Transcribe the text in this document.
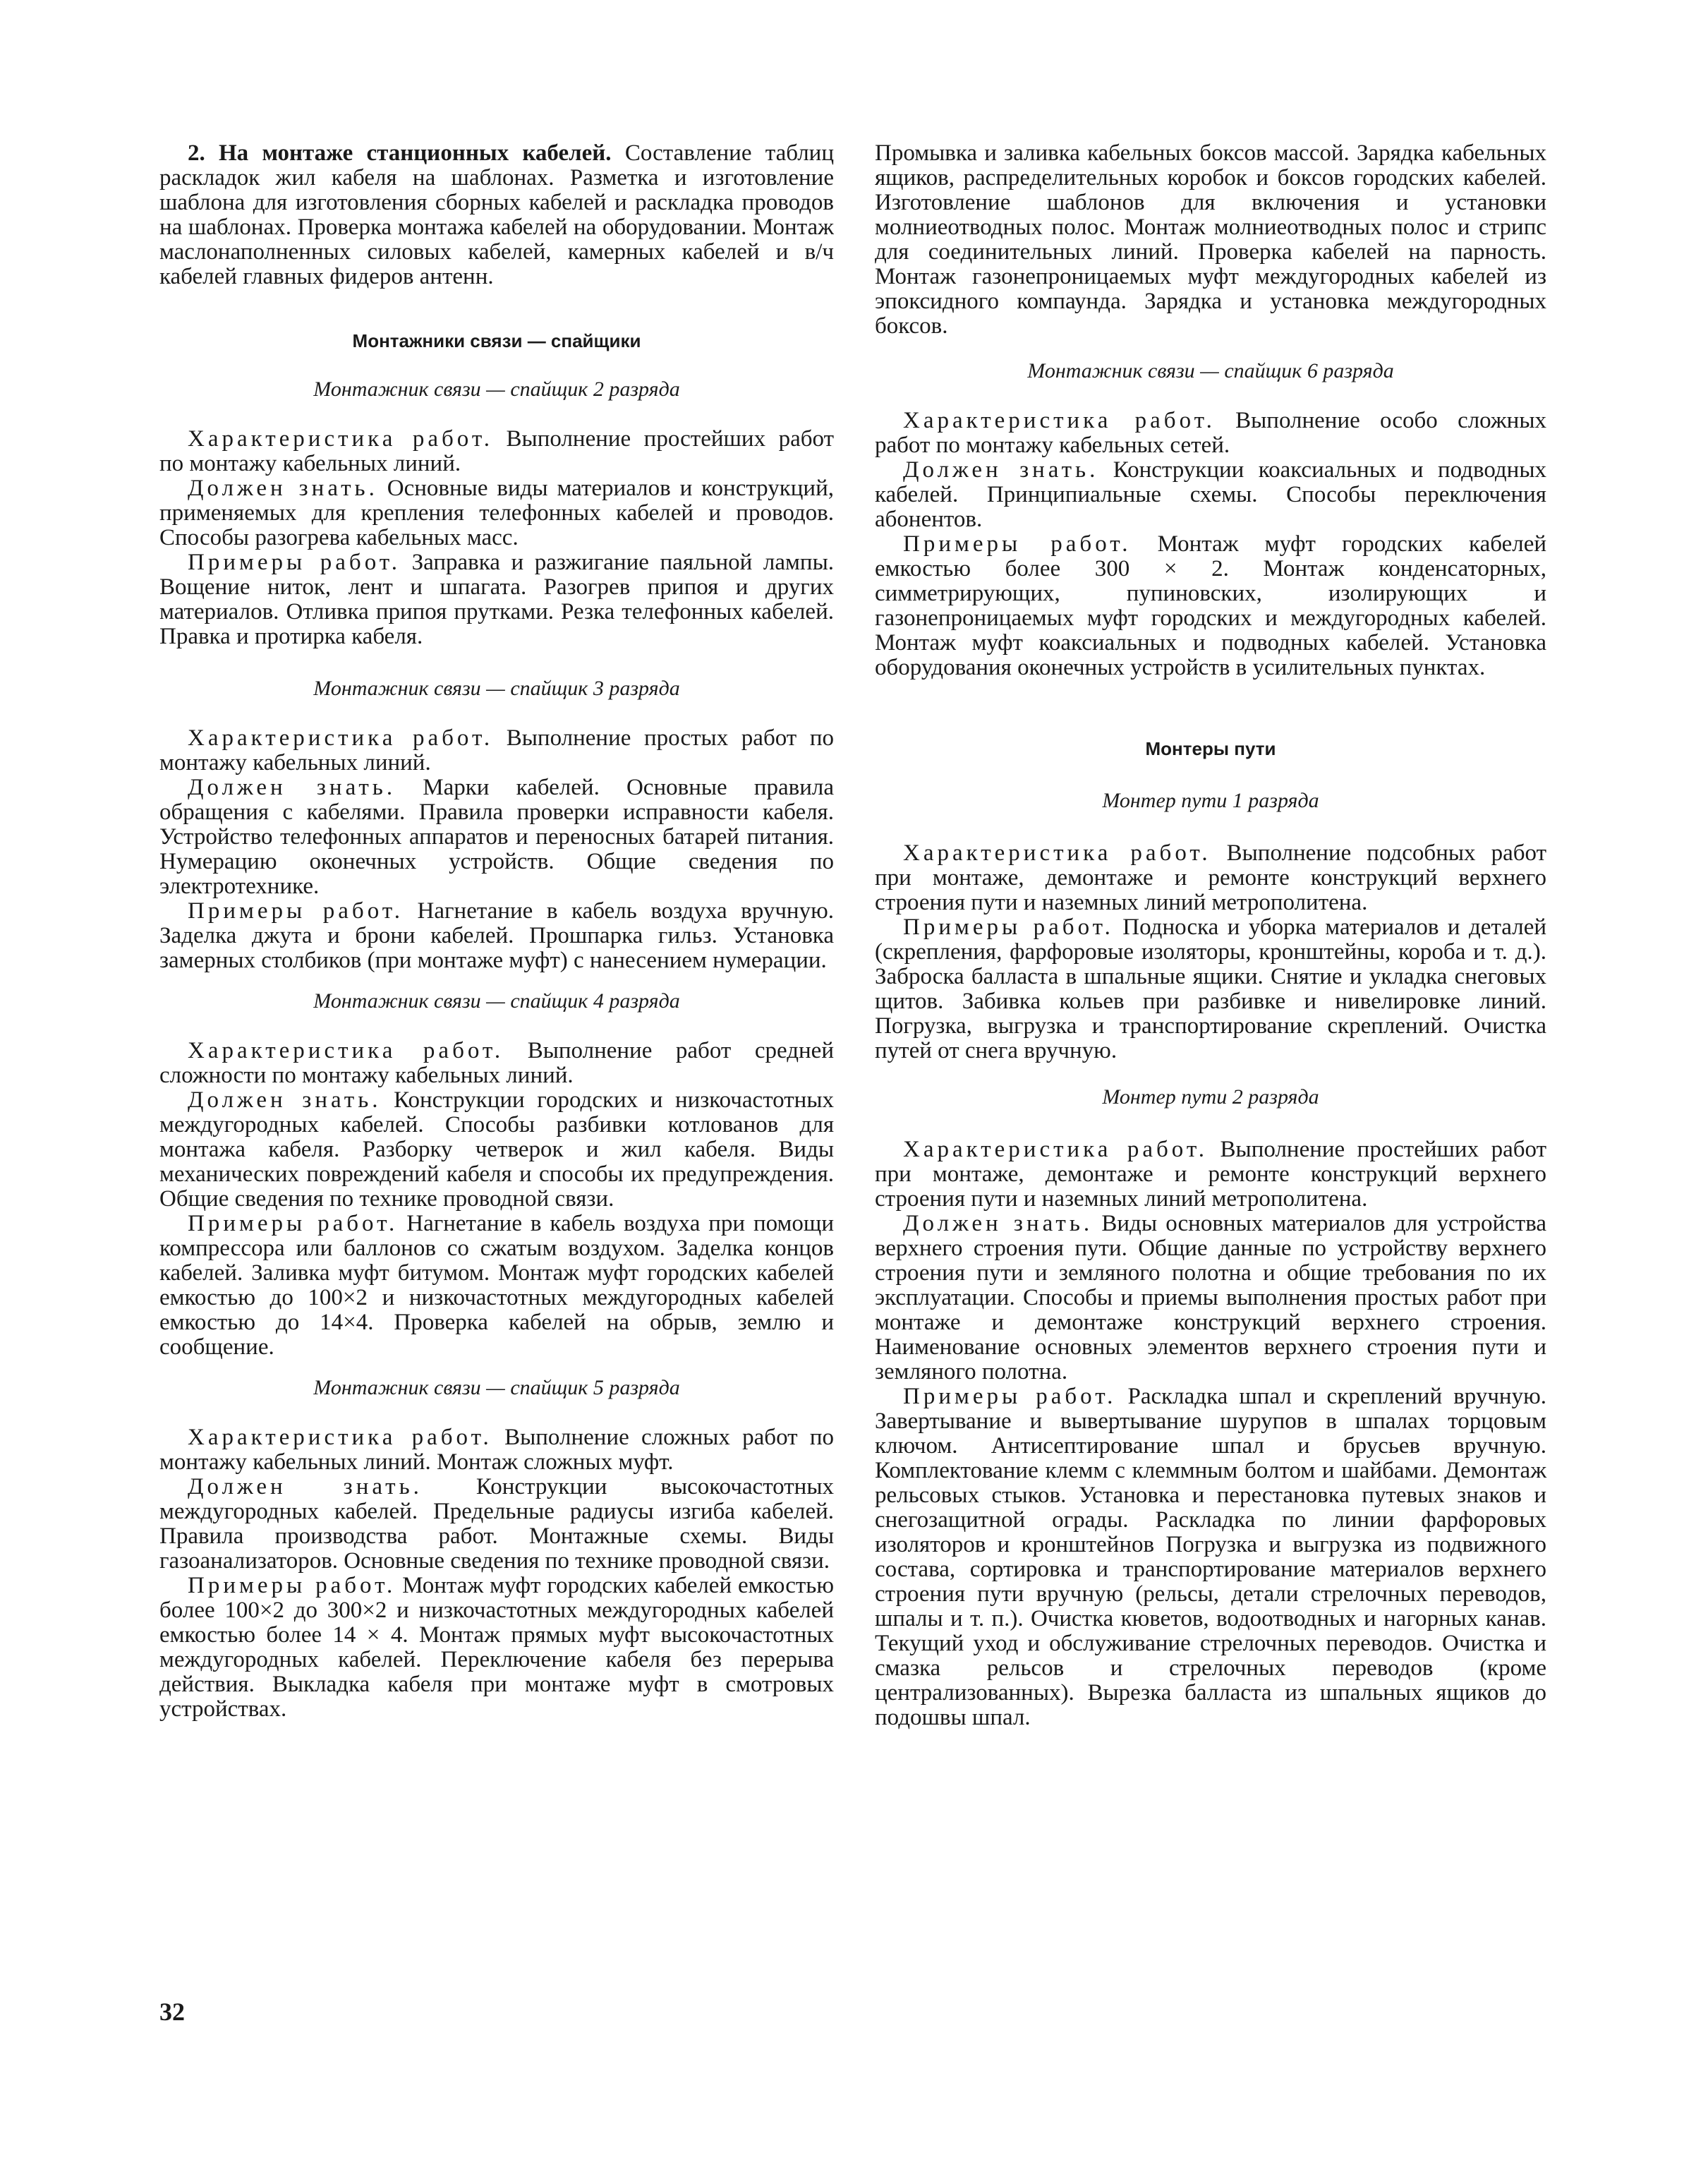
2. На монтаже станционных кабелей. Составление таблиц раскладок жил кабеля на шаблонах. Разметка и изготовление шаблона для изготовления сборных кабелей и раскладка проводов на шаблонах. Проверка монтажа кабелей на оборудовании. Монтаж маслонаполненных силовых кабелей, камерных кабелей и в/ч кабелей главных фидеров антенн.

Монтажники связи — спайщики

Монтажник связи — спайщик 2 разряда

Характеристика работ. Выполнение простейших работ по монтажу кабельных линий.

Должен знать. Основные виды материалов и конструкций, применяемых для крепления телефонных кабелей и проводов. Способы разогрева кабельных масс.

Примеры работ. Заправка и разжигание паяльной лампы. Вощение ниток, лент и шпагата. Разогрев припоя и других материалов. Отливка припоя прутками. Резка телефонных кабелей. Правка и протирка кабеля.

Монтажник связи — спайщик 3 разряда

Характеристика работ. Выполнение простых работ по монтажу кабельных линий.

Должен знать. Марки кабелей. Основные правила обращения с кабелями. Правила проверки исправности кабеля. Устройство телефонных аппаратов и переносных батарей питания. Нумерацию оконечных устройств. Общие сведения по электротехнике.

Примеры работ. Нагнетание в кабель воздуха вручную. Заделка джута и брони кабелей. Прошпарка гильз. Установка замерных столбиков (при монтаже муфт) с нанесением нумерации.

Монтажник связи — спайщик 4 разряда

Характеристика работ. Выполнение работ средней сложности по монтажу кабельных линий.

Должен знать. Конструкции городских и низкочастотных междугородных кабелей. Способы разбивки котлованов для монтажа кабеля. Разборку четверок и жил кабеля. Виды механических повреждений кабеля и способы их предупреждения. Общие сведения по технике проводной связи.

Примеры работ. Нагнетание в кабель воздуха при помощи компрессора или баллонов со сжатым воздухом. Заделка концов кабелей. Заливка муфт битумом. Монтаж муфт городских кабелей емкостью до 100×2 и низкочастотных междугородных кабелей емкостью до 14×4. Проверка кабелей на обрыв, землю и сообщение.

Монтажник связи — спайщик 5 разряда

Характеристика работ. Выполнение сложных работ по монтажу кабельных линий. Монтаж сложных муфт.

Должен знать. Конструкции высокочастотных междугородных кабелей. Предельные радиусы изгиба кабелей. Правила производства работ. Монтажные схемы. Виды газоанализаторов. Основные сведения по технике проводной связи.

Примеры работ. Монтаж муфт городских кабелей емкостью более 100×2 до 300×2 и низкочастотных междугородных кабелей емкостью более 14 × 4. Монтаж прямых муфт высокочастотных междугородных кабелей. Переключение кабеля без перерыва действия. Выкладка кабеля при монтаже муфт в смотровых устройствах.

Промывка и заливка кабельных боксов массой. Зарядка кабельных ящиков, распределительных коробок и боксов городских кабелей. Изготовление шаблонов для включения и установки молниеотводных полос. Монтаж молниеотводных полос и стрипс для соединительных линий. Проверка кабелей на парность. Монтаж газонепроницаемых муфт междугородных кабелей из эпоксидного компаунда. Зарядка и установка междугородных боксов.

Монтажник связи — спайщик 6 разряда

Характеристика работ. Выполнение особо сложных работ по монтажу кабельных сетей.

Должен знать. Конструкции коаксиальных и подводных кабелей. Принципиальные схемы. Способы переключения абонентов.

Примеры работ. Монтаж муфт городских кабелей емкостью более 300 × 2. Монтаж конденсаторных, симметрирующих, пупиновских, изолирующих и газонепроницаемых муфт городских и междугородных кабелей. Монтаж муфт коаксиальных и подводных кабелей. Установка оборудования оконечных устройств в усилительных пунктах.

Монтеры пути

Монтер пути 1 разряда

Характеристика работ. Выполнение подсобных работ при монтаже, демонтаже и ремонте конструкций верхнего строения пути и наземных линий метрополитена.

Примеры работ. Подноска и уборка материалов и деталей (скрепления, фарфоровые изоляторы, кронштейны, короба и т. д.). Заброска балласта в шпальные ящики. Снятие и укладка снеговых щитов. Забивка кольев при разбивке и нивелировке линий. Погрузка, выгрузка и транспортирование скреплений. Очистка путей от снега вручную.

Монтер пути 2 разряда

Характеристика работ. Выполнение простейших работ при монтаже, демонтаже и ремонте конструкций верхнего строения пути и наземных линий метрополитена.

Должен знать. Виды основных материалов для устройства верхнего строения пути. Общие данные по устройству верхнего строения пути и земляного полотна и общие требования по их эксплуатации. Способы и приемы выполнения простых работ при монтаже и демонтаже конструкций верхнего строения. Наименование основных элементов верхнего строения пути и земляного полотна.

Примеры работ. Раскладка шпал и скреплений вручную. Завертывание и вывертывание шурупов в шпалах торцовым ключом. Антисептирование шпал и брусьев вручную. Комплектование клемм с клеммным болтом и шайбами. Демонтаж рельсовых стыков. Установка и перестановка путевых знаков и снегозащитной ограды. Раскладка по линии фарфоровых изоляторов и кронштейнов Погрузка и выгрузка из подвижного состава, сортировка и транспортирование материалов верхнего строения пути вручную (рельсы, детали стрелочных переводов, шпалы и т. п.). Очистка кюветов, водоотводных и нагорных канав. Текущий уход и обслуживание стрелочных переводов. Очистка и смазка рельсов и стрелочных переводов (кроме централизованных). Вырезка балласта из шпальных ящиков до подошвы шпал.

32
